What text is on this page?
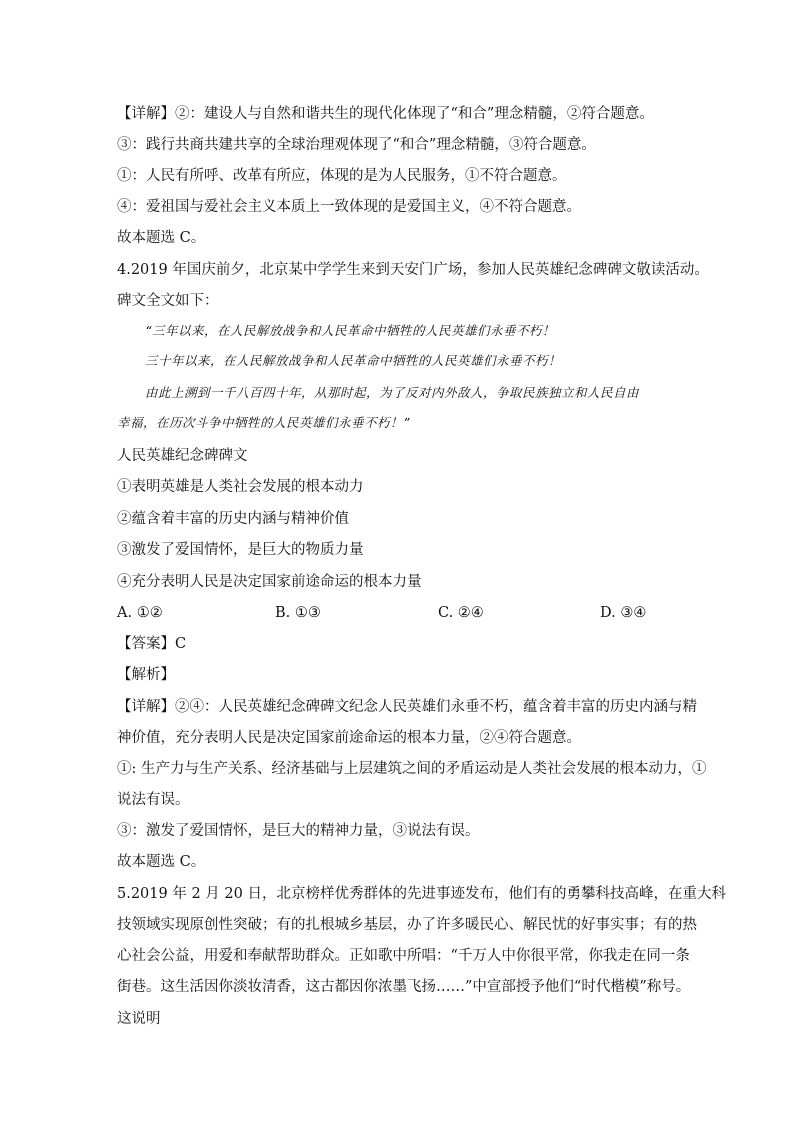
【详解】②：建设人与自然和谐共生的现代化体现了“和合”理念精髓，②符合题意。
③：践行共商共建共享的全球治理观体现了“和合”理念精髓，③符合题意。
①：人民有所呼、改革有所应，体现的是为人民服务，①不符合题意。
④：爱祖国与爱社会主义本质上一致体现的是爱国主义，④不符合题意。
故本题选 C。
4.2019 年国庆前夕，北京某中学学生来到天安门广场，参加人民英雄纪念碑碑文敬读活动。
碑文全文如下：
“三年以来，在人民解放战争和人民革命中牺牲的人民英雄们永垂不朽！
三十年以来，在人民解放战争和人民革命中牺牲的人民英雄们永垂不朽！
由此上溯到一千八百四十年，从那时起，为了反对内外敌人，争取民族独立和人民自由
幸福，在历次斗争中牺牲的人民英雄们永垂不朽！”
人民英雄纪念碑碑文
①表明英雄是人类社会发展的根本动力
②蕴含着丰富的历史内涵与精神价值
③激发了爱国情怀，是巨大的物质力量
④充分表明人民是决定国家前途命运的根本力量
A. ①②	B. ①③	C. ②④	D. ③④
【答案】C
【解析】
【详解】②④：人民英雄纪念碑碑文纪念人民英雄们永垂不朽，蕴含着丰富的历史内涵与精
神价值，充分表明人民是决定国家前途命运的根本力量，②④符合题意。
①: 生产力与生产关系、经济基础与上层建筑之间的矛盾运动是人类社会发展的根本动力，①
说法有误。
③：激发了爱国情怀，是巨大的精神力量，③说法有误。
故本题选 C。
5.2019 年 2 月 20 日，北京榜样优秀群体的先进事迹发布，他们有的勇攀科技高峰，在重大科
技领域实现原创性突破；有的扎根城乡基层，办了许多暖民心、解民忧的好事实事；有的热
心社会公益，用爱和奉献帮助群众。正如歌中所唱：“千万人中你很平常，你我走在同一条
街巷。这生活因你淡妆清香，这古都因你浓墨飞扬……”中宣部授予他们“时代楷模”称号。
这说明
